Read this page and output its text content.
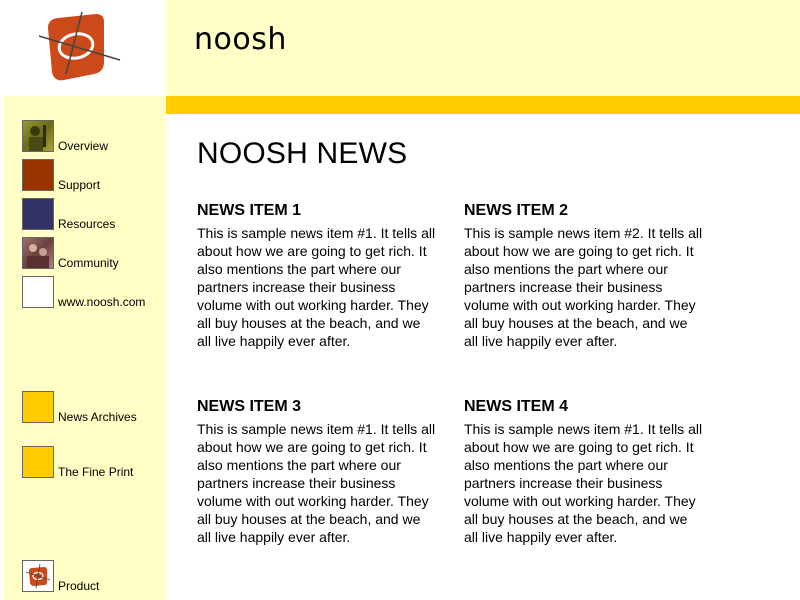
noosh
Overview
Support
Resources
Community
www.noosh.com
News Archives
The Fine Print
Product
NOOSH NEWS
NEWS ITEM 1

This is sample news item #1. It tells all about how we are going to get rich. It also mentions the part where our partners increase their business volume with out working harder. They all buy houses at the beach, and we all live happily ever after.

NEWS ITEM 2

This is sample news item #2. It tells all about how we are going to get rich. It also mentions the part where our partners increase their business volume with out working harder. They all buy houses at the beach, and we all live happily ever after.

NEWS ITEM 3

This is sample news item #1. It tells all about how we are going to get rich. It also mentions the part where our partners increase their business volume with out working harder. They all buy houses at the beach, and we all live happily ever after.

NEWS ITEM 4

This is sample news item #1. It tells all about how we are going to get rich. It also mentions the part where our partners increase their business volume with out working harder. They all buy houses at the beach, and we all live happily ever after.
